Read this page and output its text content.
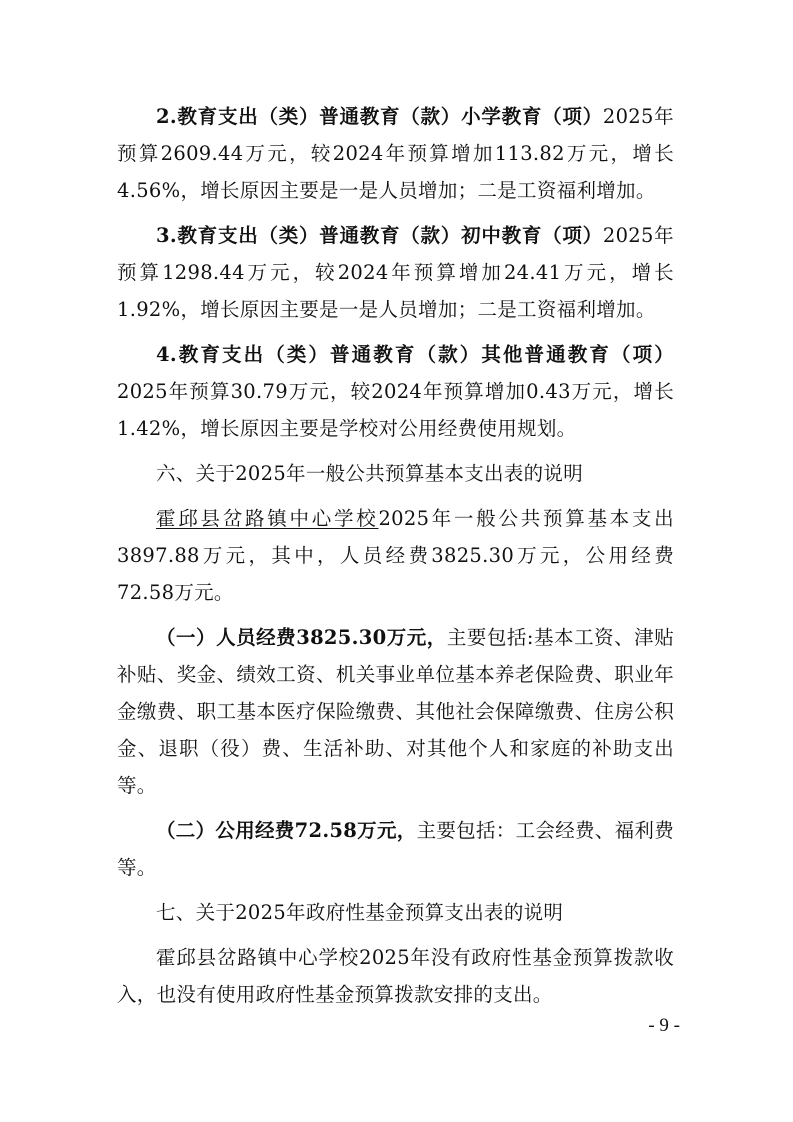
2.教育支出（类）普通教育（款）小学教育（项）2025年预算2609.44万元，较2024年预算增加113.82万元，增长4.56%，增长原因主要是一是人员增加；二是工资福利增加。

3.教育支出（类）普通教育（款）初中教育（项）2025年预算1298.44万元，较2024年预算增加24.41万元，增长1.92%，增长原因主要是一是人员增加；二是工资福利增加。

4.教育支出（类）普通教育（款）其他普通教育（项）2025年预算30.79万元，较2024年预算增加0.43万元，增长1.42%，增长原因主要是学校对公用经费使用规划。

六、关于2025年一般公共预算基本支出表的说明

霍邱县岔路镇中心学校2025年一般公共预算基本支出3897.88万元，其中，人员经费3825.30万元，公用经费72.58万元。

（一）人员经费3825.30万元，主要包括:基本工资、津贴补贴、奖金、绩效工资、机关事业单位基本养老保险费、职业年金缴费、职工基本医疗保险缴费、其他社会保障缴费、住房公积金、退职（役）费、生活补助、对其他个人和家庭的补助支出等。

（二）公用经费72.58万元，主要包括：工会经费、福利费等。

七、关于2025年政府性基金预算支出表的说明

霍邱县岔路镇中心学校2025年没有政府性基金预算拨款收入，也没有使用政府性基金预算拨款安排的支出。

- 9 -
